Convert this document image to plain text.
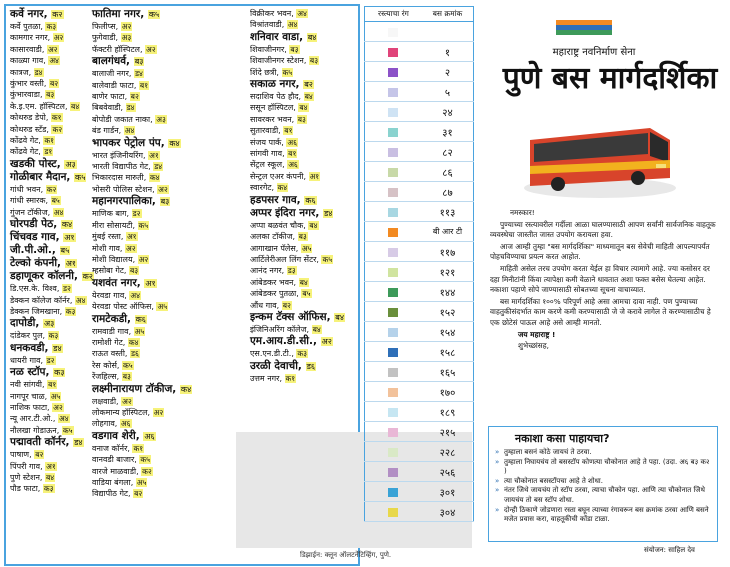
कर्वे नगर, क२
कर्वे पुतळा, क३
कामगार नगर, अ२
कासारवाडी, अ२
काळ्या गाव, अ४
कात्रज, ड४
कुंभार वस्ती, ब२
कुंभारवाडा, ब३
के.इ.एम. हॉस्पिटल, ब४
कोथरुड डेपो, क१
कोथरुड स्टँड, क२
कोंढवे गेट, क१
कोंढवे गेट, ड१
खडकी पोस्ट, अ३
गोळीबार मैदान, क५
गांधी भवन, क२
गांधी स्मारक, ब५
गुंजन टॉकीज, अ४
घोरपडी पेठ, क४
चिंचवड गाव, अ१
जी.पी.ओ., ब५
टेल्को कंपनी, अ१
डहाणूकर कॉलनी, क२
डि.एस.के. विश्व, ड२
डेक्कन कॉलेज कॉर्नर, अ४
डेक्कन जिमखाना, क३
दापोडी, अ३
दांडेकर पुल, क३
धनकवडी, ड४
धायरी गाव, ड२
नळ स्टॉप, क३
नवी सांगवी, ब१
नागपूर चाळ, अ५
नाशिक फाटा, अ२
न्यू आर.टी.ओ., अ४
नौलखा गोडाऊन, क५
पद्मावती कॉर्नर, ड४
पाषाण, ब२
पिंपरी गाव, अ१
पुणे स्टेशन, ब४
पौड फाटा, क३
फातिमा नगर, क५
फिलीप्स, अ२
फुगेवाडी, अ३
फॅक्टरी हॉस्पिटल, अ२
बालगंधर्व, ब३
बालाजी नगर, ड४
बालेवाडी फाटा, ब१
बाणेर फाटा, ब२
बिबवेवाडी, ड४
बोपोडी जकात नाका, अ३
बंड गार्डन, अ४
भापकर पेट्रोल पंप, क४
भारत इंजिनीयरिंग, अ१
भारती विद्यापीठ गेट, ड४
भिकारदास मारुती, क४
भोसरी पोलिस स्टेशन, अ२
महानगरपालिका, ब३
माणिक बाग, ड२
मीरा सोसायटी, क५
मुंबई रस्ता, अ१
मोशी गाव, अ२
मोशी विद्यालय, अ२
म्हसोबा गेट, ब३
यशवंत नगर, अ१
येरवडा गाव, अ४
येरवडा पोस्ट ऑफिस, अ५
रामटेकडी, क६
रामवाडी गाव, अ५
रामोशी गेट, क४
राऊत वस्ती, ड६
रेस कोर्स, क५
रेंजहिल्स, ब३
लक्ष्मीनारायण टॉकीज, क४
लक्षवाडी, अ२
लोकमान्य हॉस्पिटल, अ२
लोहगाव, अ६
वडगाव शेरी, अ६
वनाज कॉर्नर, क१
वानवडी बाजार, क५
वारजे माळवाडी, क२
वाडिया बंगला, अ५
विद्यापीठ गेट, ब२
विक्रीकर भवन, अ४
विश्रांतवाडी, अ४
शनिवार वाडा, ब४
शिवाजीनगर, ब३
शिवाजीनगर स्टेशन, ब३
शिंदे छत्री, क५
सकाळ नगर, ब२
सदाशिव पेठ हौद, ब४
ससून हॉस्पिटल, ब४
सावरकर भवन, ब३
सुतारवाडी, ब१
संजय पार्क, अ६
सांगवी गाव, ब१
सेंट्रल स्कूल, अ६
सेन्ट्रल एअर कंपनी, अ१
स्वारगेट, क४
हडपसर गाव, क६
अप्पर इंदिरा नगर, ड४
अप्पा बळवंत चौक, ब४
अलका टॉकीज, ब३
आगाखान पॅलेस, अ५
आर्टिलेरीअल लिंग सेंटर, क५
आनंद नगर, ड३
आंबेडकर भवन, ब४
आंबेडकर पुतळा, ब५
औंध गाव, ब२
इन्कम टॅक्स ऑफिस, ब४
इंजिनिअरिंग कॉलेज, ब४
एम.आय.डी.सी., अ२
एस.एन.डी.टी., क३
उरळी देवाची, ड६
उत्तम नगर, क१
डिझाईन: क्लून ऑलटर्नेटिव्हिंग, पुणे.
रस्त्याचा रंग	बस क्रमांक

	१
	२
	५
	२४
	३१
	८२
	८६
	८७
	११३
	बी आर टी
	११७
	१२१
	१४४
	१५२
	१५४
	१५८
	१६५
	१७०
	१८९
	२१५
	२२८
	२५६
	३०१
	३०४
महाराष्ट्र नवनिर्माण सेना
पुणे बस मार्गदर्शिका

नमस्कार!

पुण्याच्या रस्त्यावरील गर्दीला आळा घालण्यासाठी आपण सर्वांनी सार्वजनिक वाहतूक व्यवस्थेचा जास्तीत जास्त उपयोग करायला हवा.

आज आम्ही तुम्हा "बस मार्गदर्शिका" माध्यमातून बस सेवेची माहिती आपल्यापर्यंत पोहचविण्याचा प्रयत्न करत आहोत.

माहिती असेल तरच उपयोग करता येईल हा विचार त्यामागे आहे. ज्या कसोसर दर दहा मिनीटांनी किंवा त्यापेक्षा कमी वेळाने धावतात अशा फक्त बसेस घेतल्या आहेत. नकाशा पहाणे सोपे जाण्यासाठी सोबतच्या सूचना वाचाव्यात.

बस मार्गदर्शिका १००% परिपूर्ण आहे असा आमचा दावा नाही. पण पुण्याच्या वाहतुकीसंदर्भात काम करणे कमी करण्यासाठी जे जे करावे लागेल ते करण्यासाठीच हे एक छोटेसं पाऊल आहे असे आम्ही मानतो.

जय महाराष्ट्र !

शुभेच्छांसह,

नकाशा कसा पाहायचा?
» तुम्हाला बसनं कोठे जायचं ते ठरवा.
» तुम्हाला निघायचंय तो बसस्टॉप कोणत्या चौकोनात आहे ते पहा. (उदा. अ६ ब३ क२ )
» त्या चौकोनात बसस्टॉपचा आहे ते शोधा.
» नंतर जिथे जायचंय तो स्टॉप ठरवा, त्याचा चौकोन पहा. आणि त्या चौकोनात जिथे जायचंय तो बस स्टॉप शोधा.
» दोन्ही ठिकाणे जोडणारा रस्ता बघून त्याच्या रंगावरून बस क्रमांक ठरवा आणि बसने मजेत प्रवास करा, वाहतूकीची कोंडा टाळा.
संयोजन: साहिल देव
